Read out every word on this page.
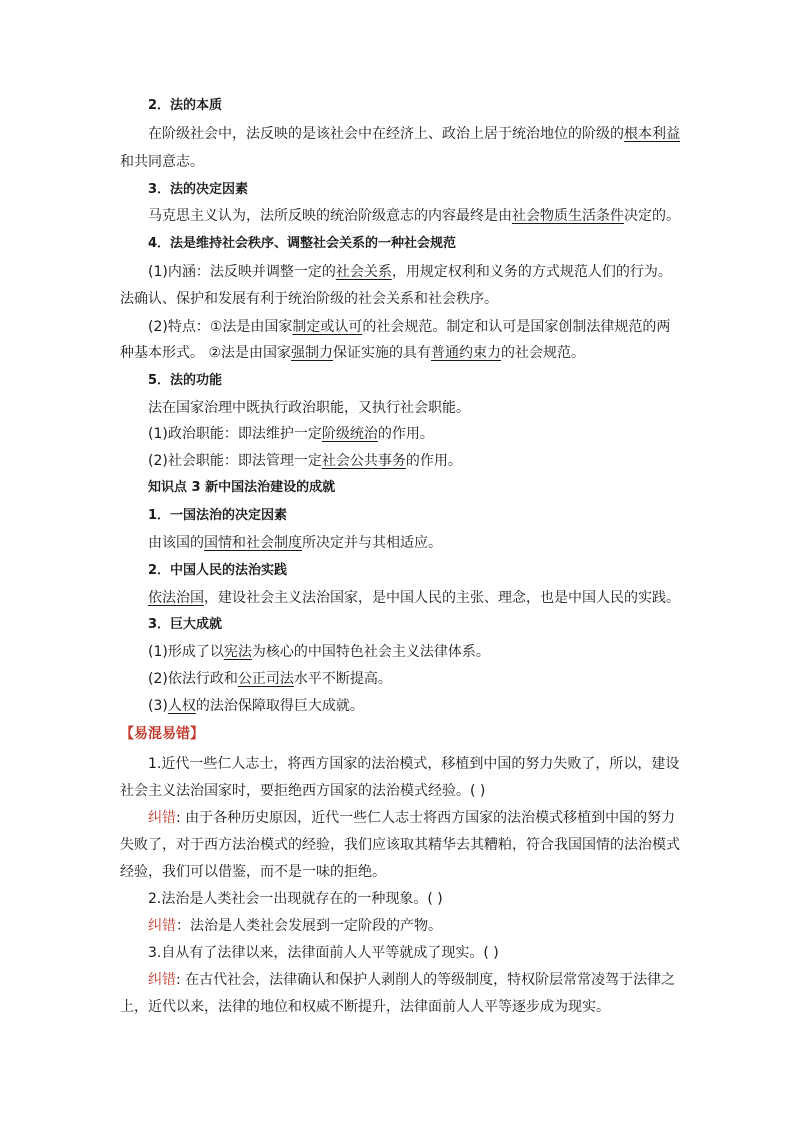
2．法的本质
在阶级社会中，法反映的是该社会中在经济上、政治上居于统治地位的阶级的根本利益
和共同意志。
3．法的决定因素
马克思主义认为，法所反映的统治阶级意志的内容最终是由社会物质生活条件决定的。
4．法是维持社会秩序、调整社会关系的一种社会规范
(1)内涵：法反映并调整一定的社会关系，用规定权利和义务的方式规范人们的行为。
法确认、保护和发展有利于统治阶级的社会关系和社会秩序。
(2)特点：①法是由国家制定或认可的社会规范。制定和认可是国家创制法律规范的两
种基本形式。 ②法是由国家强制力保证实施的具有普通约束力的社会规范。
5．法的功能
法在国家治理中既执行政治职能，又执行社会职能。
(1)政治职能：即法维护一定阶级统治的作用。
(2)社会职能：即法管理一定社会公共事务的作用。
知识点 3 新中国法治建设的成就
1．一国法治的决定因素
由该国的国情和社会制度所决定并与其相适应。
2．中国人民的法治实践
依法治国，建设社会主义法治国家，是中国人民的主张、理念，也是中国人民的实践。
3．巨大成就
(1)形成了以宪法为核心的中国特色社会主义法律体系。
(2)依法行政和公正司法水平不断提高。
(3)人权的法治保障取得巨大成就。
【易混易错】
1.近代一些仁人志士，将西方国家的法治模式，移植到中国的努力失败了，所以，建设
社会主义法治国家时，要拒绝西方国家的法治模式经验。( )
纠错: 由于各种历史原因，近代一些仁人志士将西方国家的法治模式移植到中国的努力
失败了，对于西方法治模式的经验，我们应该取其精华去其糟粕，符合我国国情的法治模式
经验，我们可以借鉴，而不是一味的拒绝。
2.法治是人类社会一出现就存在的一种现象。( )
纠错：法治是人类社会发展到一定阶段的产物。
3.自从有了法律以来，法律面前人人平等就成了现实。( )
纠错: 在古代社会，法律确认和保护人剥削人的等级制度，特权阶层常常凌驾于法律之
上，近代以来，法律的地位和权威不断提升，法律面前人人平等逐步成为现实。
